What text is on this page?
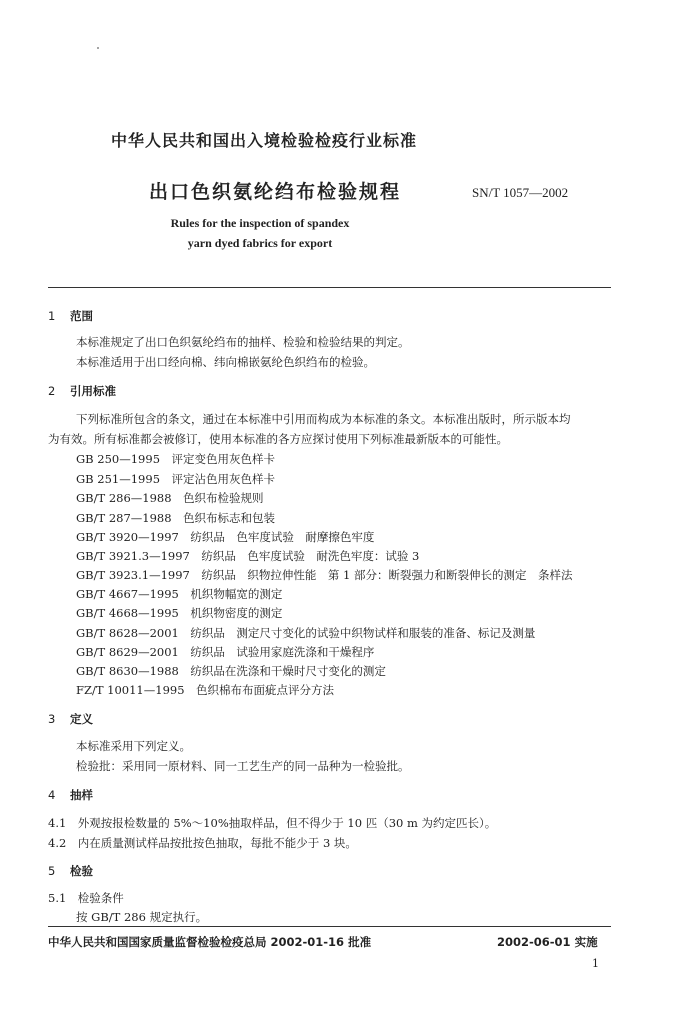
中华人民共和国出入境检验检疫行业标准
出口色织氨纶绉布检验规程	SN/T 1057—2002
Rules for the inspection of spandex
yarn dyed fabrics for export
1 范围
本标准规定了出口色织氨纶绉布的抽样、检验和检验结果的判定。
本标准适用于出口经向棉、纬向棉嵌氨纶色织绉布的检验。
2 引用标准
下列标准所包含的条文，通过在本标准中引用而构成为本标准的条文。本标准出版时，所示版本均
为有效。所有标准都会被修订，使用本标准的各方应探讨使用下列标准最新版本的可能性。
GB 250—1995　评定变色用灰色样卡
GB 251—1995　评定沾色用灰色样卡
GB/T 286—1988　色织布检验规则
GB/T 287—1988　色织布标志和包装
GB/T 3920—1997　纺织品　色牢度试验　耐摩擦色牢度
GB/T 3921.3—1997　纺织品　色牢度试验　耐洗色牢度：试验 3
GB/T 3923.1—1997　纺织品　织物拉伸性能　第 1 部分：断裂强力和断裂伸长的测定　条样法
GB/T 4667—1995　机织物幅宽的测定
GB/T 4668—1995　机织物密度的测定
GB/T 8628—2001　纺织品　测定尺寸变化的试验中织物试样和服装的准备、标记及测量
GB/T 8629—2001　纺织品　试验用家庭洗涤和干燥程序
GB/T 8630—1988　纺织品在洗涤和干燥时尺寸变化的测定
FZ/T 10011—1995　色织棉布布面疵点评分方法
3 定义
本标准采用下列定义。
检验批：采用同一原材料、同一工艺生产的同一品种为一检验批。
4 抽样
4.1　外观按报检数量的 5%～10%抽取样品，但不得少于 10 匹（30 m 为约定匹长）。
4.2　内在质量测试样品按批按色抽取，每批不能少于 3 块。
5 检验
5.1　检验条件
按 GB/T 286 规定执行。
中华人民共和国国家质量监督检验检疫总局 2002-01-16 批准	2002-06-01 实施
1
